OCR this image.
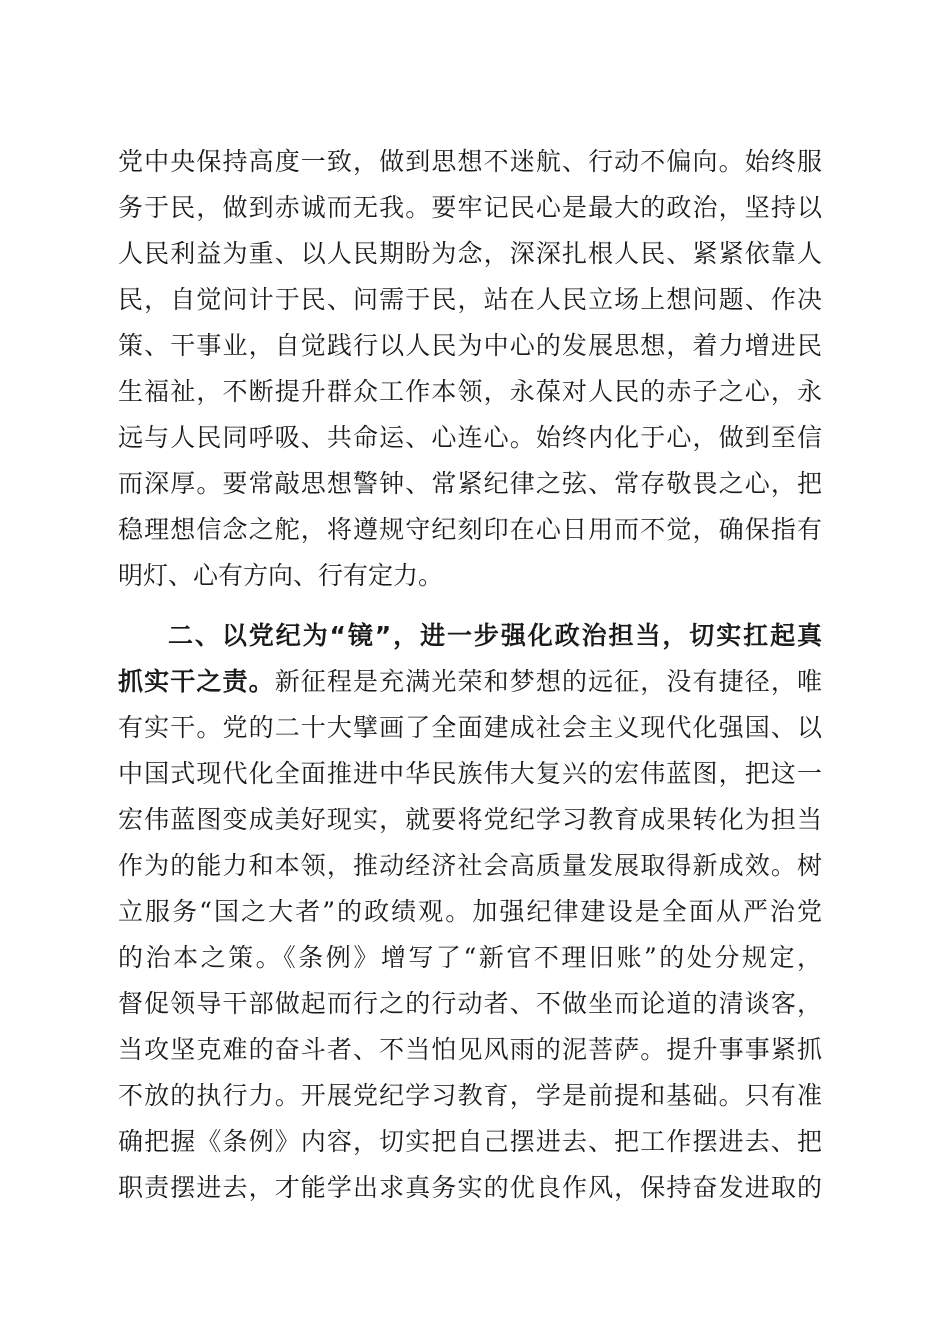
党中央保持高度一致，做到思想不迷航、行动不偏向。始终服
务于民，做到赤诚而无我。要牢记民心是最大的政治，坚持以
人民利益为重、以人民期盼为念，深深扎根人民、紧紧依靠人
民，自觉问计于民、问需于民，站在人民立场上想问题、作决
策、干事业，自觉践行以人民为中心的发展思想，着力增进民
生福祉，不断提升群众工作本领，永葆对人民的赤子之心，永
远与人民同呼吸、共命运、心连心。始终内化于心，做到至信
而深厚。要常敲思想警钟、常紧纪律之弦、常存敬畏之心，把
稳理想信念之舵，将遵规守纪刻印在心日用而不觉，确保指有
明灯、心有方向、行有定力。
二、以党纪为“镜”，进一步强化政治担当，切实扛起真
抓实干之责。新征程是充满光荣和梦想的远征，没有捷径，唯
有实干。党的二十大擘画了全面建成社会主义现代化强国、以
中国式现代化全面推进中华民族伟大复兴的宏伟蓝图，把这一
宏伟蓝图变成美好现实，就要将党纪学习教育成果转化为担当
作为的能力和本领，推动经济社会高质量发展取得新成效。树
立服务“国之大者”的政绩观。加强纪律建设是全面从严治党
的治本之策。《条例》增写了“新官不理旧账”的处分规定，
督促领导干部做起而行之的行动者、不做坐而论道的清谈客，
当攻坚克难的奋斗者、不当怕见风雨的泥菩萨。提升事事紧抓
不放的执行力。开展党纪学习教育，学是前提和基础。只有准
确把握《条例》内容，切实把自己摆进去、把工作摆进去、把
职责摆进去，才能学出求真务实的优良作风，保持奋发进取的
